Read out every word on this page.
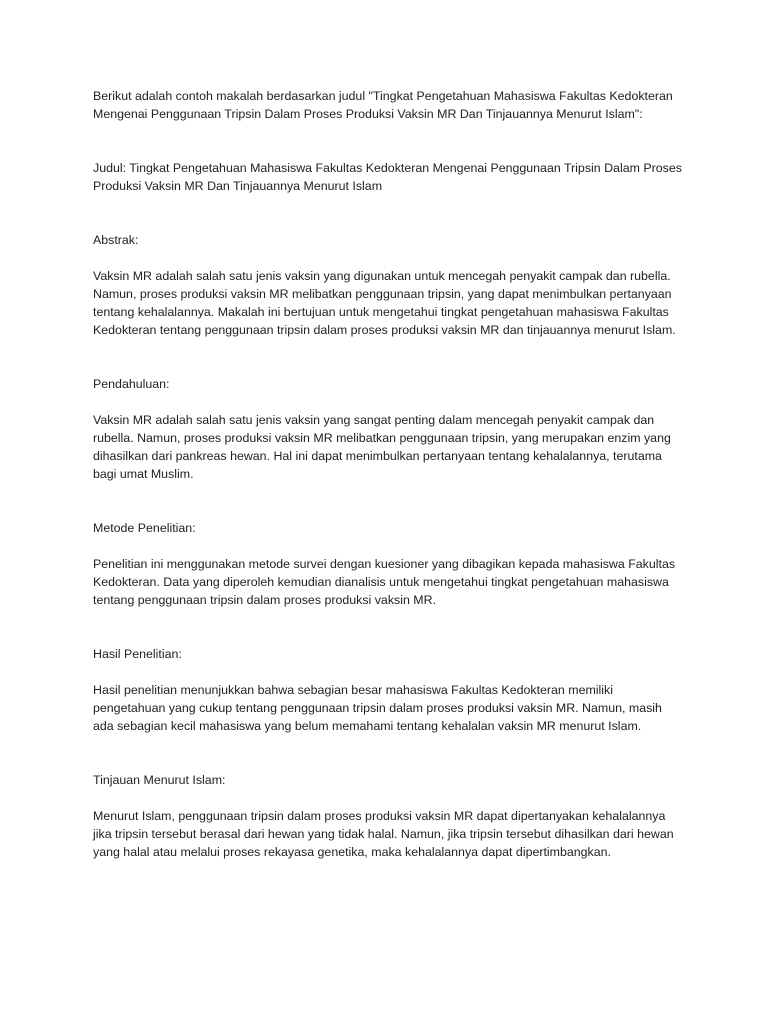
Berikut adalah contoh makalah berdasarkan judul "Tingkat Pengetahuan Mahasiswa Fakultas Kedokteran Mengenai Penggunaan Tripsin Dalam Proses Produksi Vaksin MR Dan Tinjauannya Menurut Islam":

Judul: Tingkat Pengetahuan Mahasiswa Fakultas Kedokteran Mengenai Penggunaan Tripsin Dalam Proses Produksi Vaksin MR Dan Tinjauannya Menurut Islam

Abstrak:

Vaksin MR adalah salah satu jenis vaksin yang digunakan untuk mencegah penyakit campak dan rubella. Namun, proses produksi vaksin MR melibatkan penggunaan tripsin, yang dapat menimbulkan pertanyaan tentang kehalalannya. Makalah ini bertujuan untuk mengetahui tingkat pengetahuan mahasiswa Fakultas Kedokteran tentang penggunaan tripsin dalam proses produksi vaksin MR dan tinjauannya menurut Islam.

Pendahuluan:

Vaksin MR adalah salah satu jenis vaksin yang sangat penting dalam mencegah penyakit campak dan rubella. Namun, proses produksi vaksin MR melibatkan penggunaan tripsin, yang merupakan enzim yang dihasilkan dari pankreas hewan. Hal ini dapat menimbulkan pertanyaan tentang kehalalannya, terutama bagi umat Muslim.

Metode Penelitian:

Penelitian ini menggunakan metode survei dengan kuesioner yang dibagikan kepada mahasiswa Fakultas Kedokteran. Data yang diperoleh kemudian dianalisis untuk mengetahui tingkat pengetahuan mahasiswa tentang penggunaan tripsin dalam proses produksi vaksin MR.

Hasil Penelitian:

Hasil penelitian menunjukkan bahwa sebagian besar mahasiswa Fakultas Kedokteran memiliki pengetahuan yang cukup tentang penggunaan tripsin dalam proses produksi vaksin MR. Namun, masih ada sebagian kecil mahasiswa yang belum memahami tentang kehalalan vaksin MR menurut Islam.

Tinjauan Menurut Islam:

Menurut Islam, penggunaan tripsin dalam proses produksi vaksin MR dapat dipertanyakan kehalalannya jika tripsin tersebut berasal dari hewan yang tidak halal. Namun, jika tripsin tersebut dihasilkan dari hewan yang halal atau melalui proses rekayasa genetika, maka kehalalannya dapat dipertimbangkan.
